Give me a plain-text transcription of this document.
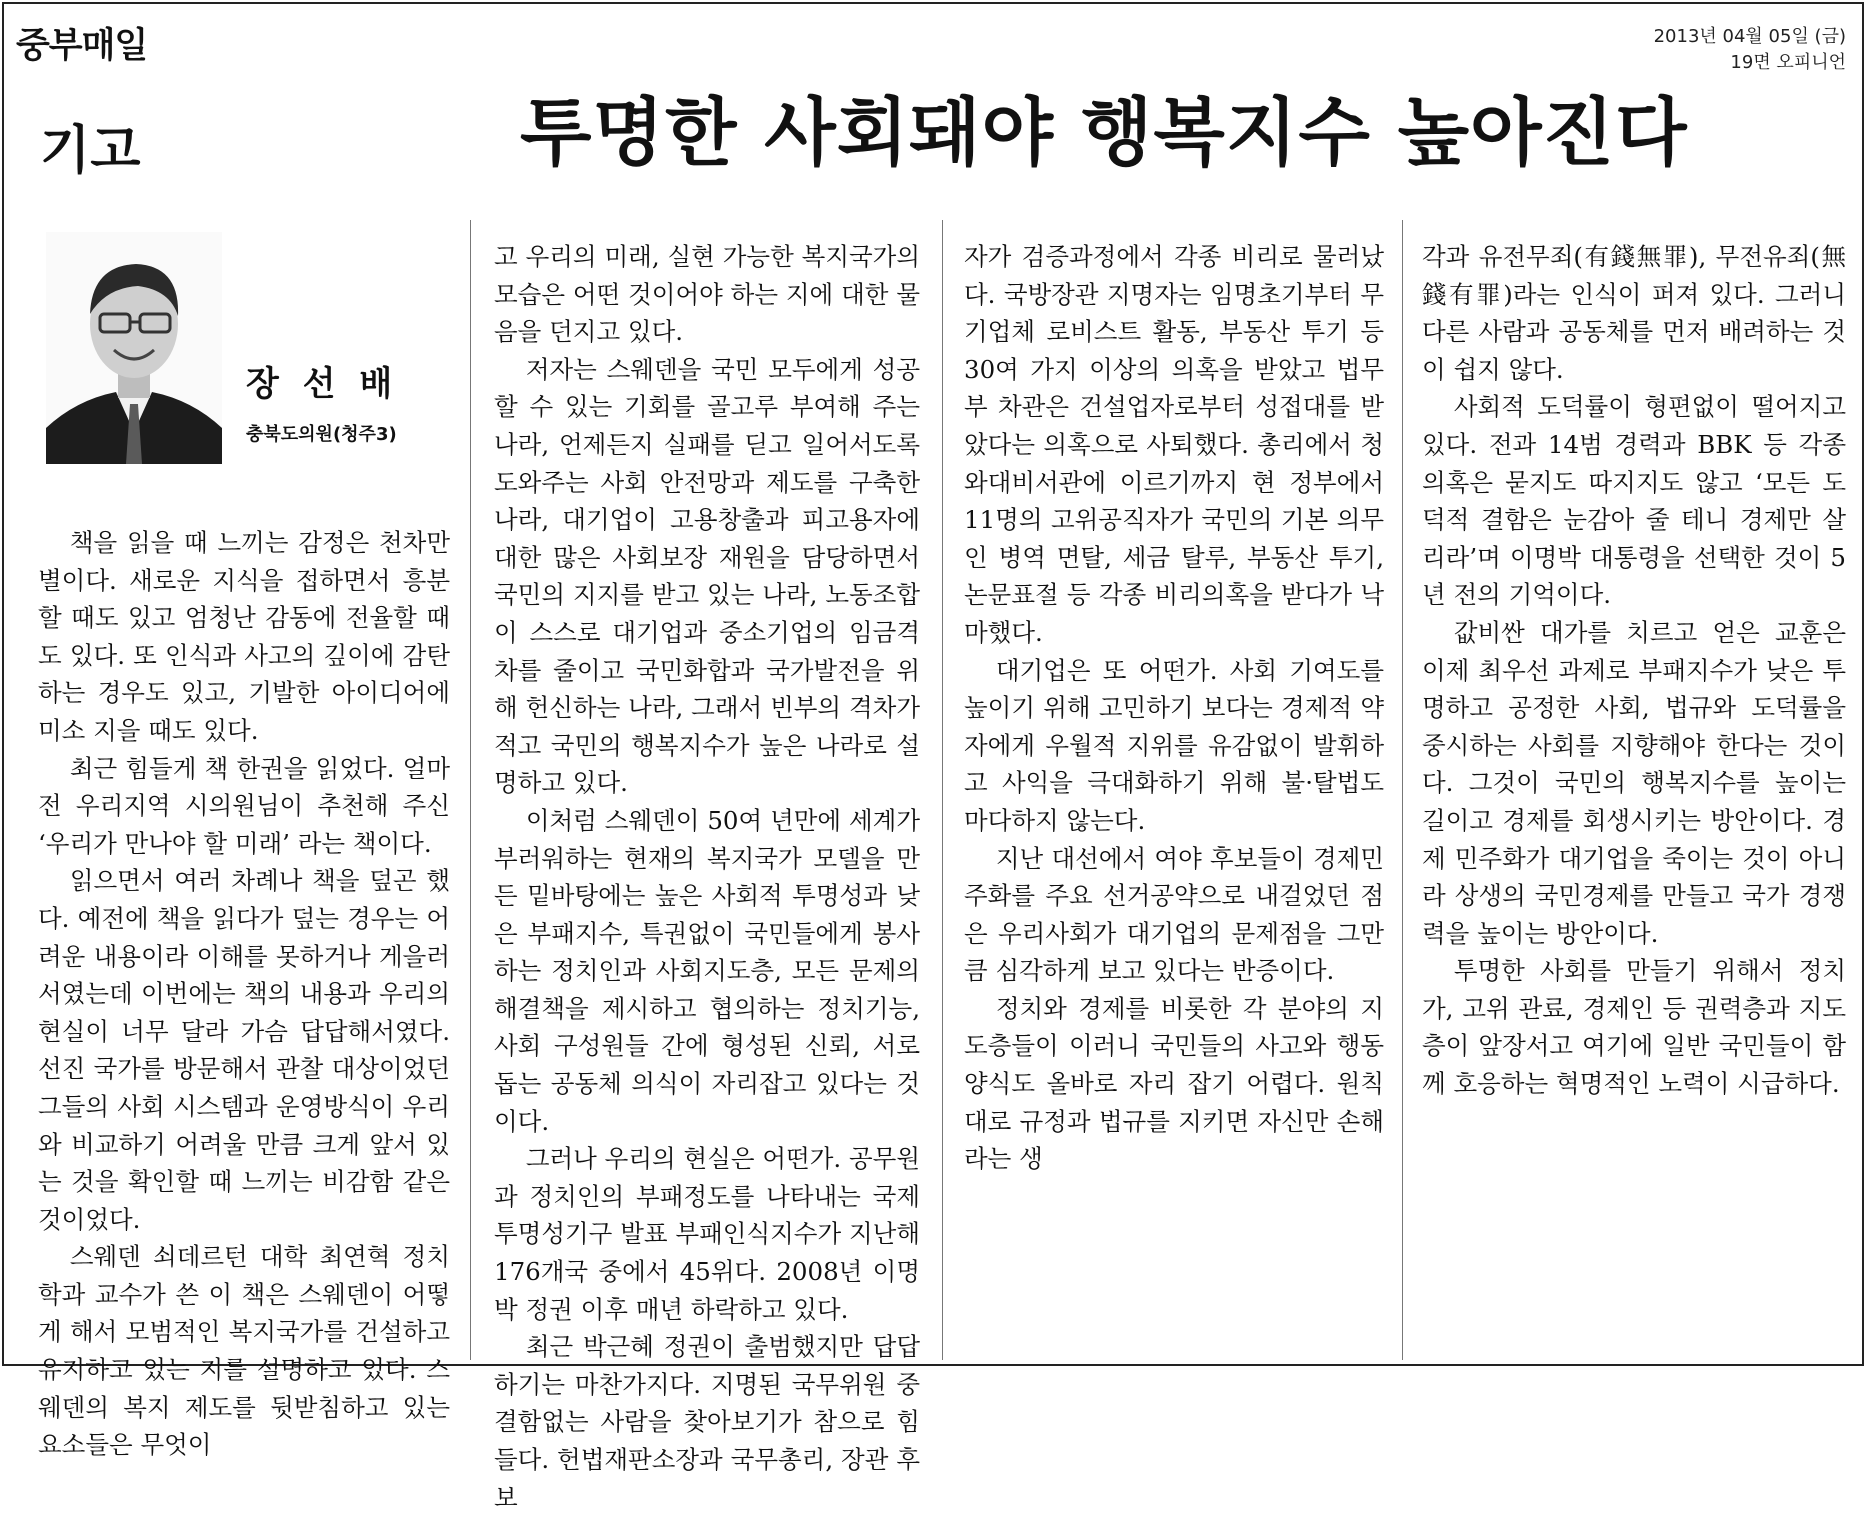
중부매일	2013년 04월 05일 (금)
19면 오피니언
기고	투명한 사회돼야 행복지수 높아진다
장 선 배
충북도의원(청주3)

책을 읽을 때 느끼는 감정은 천차만별이다. 새로운 지식을 접하면서 흥분할 때도 있고 엄청난 감동에 전율할 때도 있다. 또 인식과 사고의 깊이에 감탄하는 경우도 있고, 기발한 아이디어에 미소 지을 때도 있다.

최근 힘들게 책 한권을 읽었다. 얼마 전 우리지역 시의원님이 추천해 주신 ‘우리가 만나야 할 미래’ 라는 책이다.

읽으면서 여러 차례나 책을 덮곤 했다. 예전에 책을 읽다가 덮는 경우는 어려운 내용이라 이해를 못하거나 게을러서였는데 이번에는 책의 내용과 우리의 현실이 너무 달라 가슴 답답해서였다. 선진 국가를 방문해서 관찰 대상이었던 그들의 사회 시스템과 운영방식이 우리와 비교하기 어려울 만큼 크게 앞서 있는 것을 확인할 때 느끼는 비감함 같은 것이었다.

스웨덴 쇠데르턴 대학 최연혁 정치학과 교수가 쓴 이 책은 스웨덴이 어떻게 해서 모범적인 복지국가를 건설하고 유지하고 있는 지를 설명하고 있다. 스웨덴의 복지 제도를 뒷받침하고 있는 요소들은 무엇이

고 우리의 미래, 실현 가능한 복지국가의 모습은 어떤 것이어야 하는 지에 대한 물음을 던지고 있다.

저자는 스웨덴을 국민 모두에게 성공할 수 있는 기회를 골고루 부여해 주는 나라, 언제든지 실패를 딛고 일어서도록 도와주는 사회 안전망과 제도를 구축한 나라, 대기업이 고용창출과 피고용자에 대한 많은 사회보장 재원을 담당하면서 국민의 지지를 받고 있는 나라, 노동조합이 스스로 대기업과 중소기업의 임금격차를 줄이고 국민화합과 국가발전을 위해 헌신하는 나라, 그래서 빈부의 격차가 적고 국민의 행복지수가 높은 나라로 설명하고 있다.

이처럼 스웨덴이 50여 년만에 세계가 부러워하는 현재의 복지국가 모델을 만든 밑바탕에는 높은 사회적 투명성과 낮은 부패지수, 특권없이 국민들에게 봉사하는 정치인과 사회지도층, 모든 문제의 해결책을 제시하고 협의하는 정치기능, 사회 구성원들 간에 형성된 신뢰, 서로 돕는 공동체 의식이 자리잡고 있다는 것이다.

그러나 우리의 현실은 어떤가. 공무원과 정치인의 부패정도를 나타내는 국제투명성기구 발표 부패인식지수가 지난해 176개국 중에서 45위다. 2008년 이명박 정권 이후 매년 하락하고 있다.

최근 박근혜 정권이 출범했지만 답답하기는 마찬가지다. 지명된 국무위원 중 결함없는 사람을 찾아보기가 참으로 힘들다. 헌법재판소장과 국무총리, 장관 후보

자가 검증과정에서 각종 비리로 물러났다. 국방장관 지명자는 임명초기부터 무기업체 로비스트 활동, 부동산 투기 등 30여 가지 이상의 의혹을 받았고 법무부 차관은 건설업자로부터 성접대를 받았다는 의혹으로 사퇴했다. 총리에서 청와대비서관에 이르기까지 현 정부에서 11명의 고위공직자가 국민의 기본 의무인 병역 면탈, 세금 탈루, 부동산 투기, 논문표절 등 각종 비리의혹을 받다가 낙마했다.

대기업은 또 어떤가. 사회 기여도를 높이기 위해 고민하기 보다는 경제적 약자에게 우월적 지위를 유감없이 발휘하고 사익을 극대화하기 위해 불·탈법도 마다하지 않는다.

지난 대선에서 여야 후보들이 경제민주화를 주요 선거공약으로 내걸었던 점은 우리사회가 대기업의 문제점을 그만큼 심각하게 보고 있다는 반증이다.

정치와 경제를 비롯한 각 분야의 지도층들이 이러니 국민들의 사고와 행동양식도 올바로 자리 잡기 어렵다. 원칙대로 규정과 법규를 지키면 자신만 손해라는 생

각과 유전무죄(有錢無罪), 무전유죄(無錢有罪)라는 인식이 퍼져 있다. 그러니 다른 사람과 공동체를 먼저 배려하는 것이 쉽지 않다.

사회적 도덕률이 형편없이 떨어지고 있다. 전과 14범 경력과 BBK 등 각종 의혹은 묻지도 따지지도 않고 ‘모든 도덕적 결함은 눈감아 줄 테니 경제만 살리라’며 이명박 대통령을 선택한 것이 5년 전의 기억이다.

값비싼 대가를 치르고 얻은 교훈은 이제 최우선 과제로 부패지수가 낮은 투명하고 공정한 사회, 법규와 도덕률을 중시하는 사회를 지향해야 한다는 것이다. 그것이 국민의 행복지수를 높이는 길이고 경제를 회생시키는 방안이다. 경제 민주화가 대기업을 죽이는 것이 아니라 상생의 국민경제를 만들고 국가 경쟁력을 높이는 방안이다.

투명한 사회를 만들기 위해서 정치가, 고위 관료, 경제인 등 권력층과 지도층이 앞장서고 여기에 일반 국민들이 함께 호응하는 혁명적인 노력이 시급하다.
